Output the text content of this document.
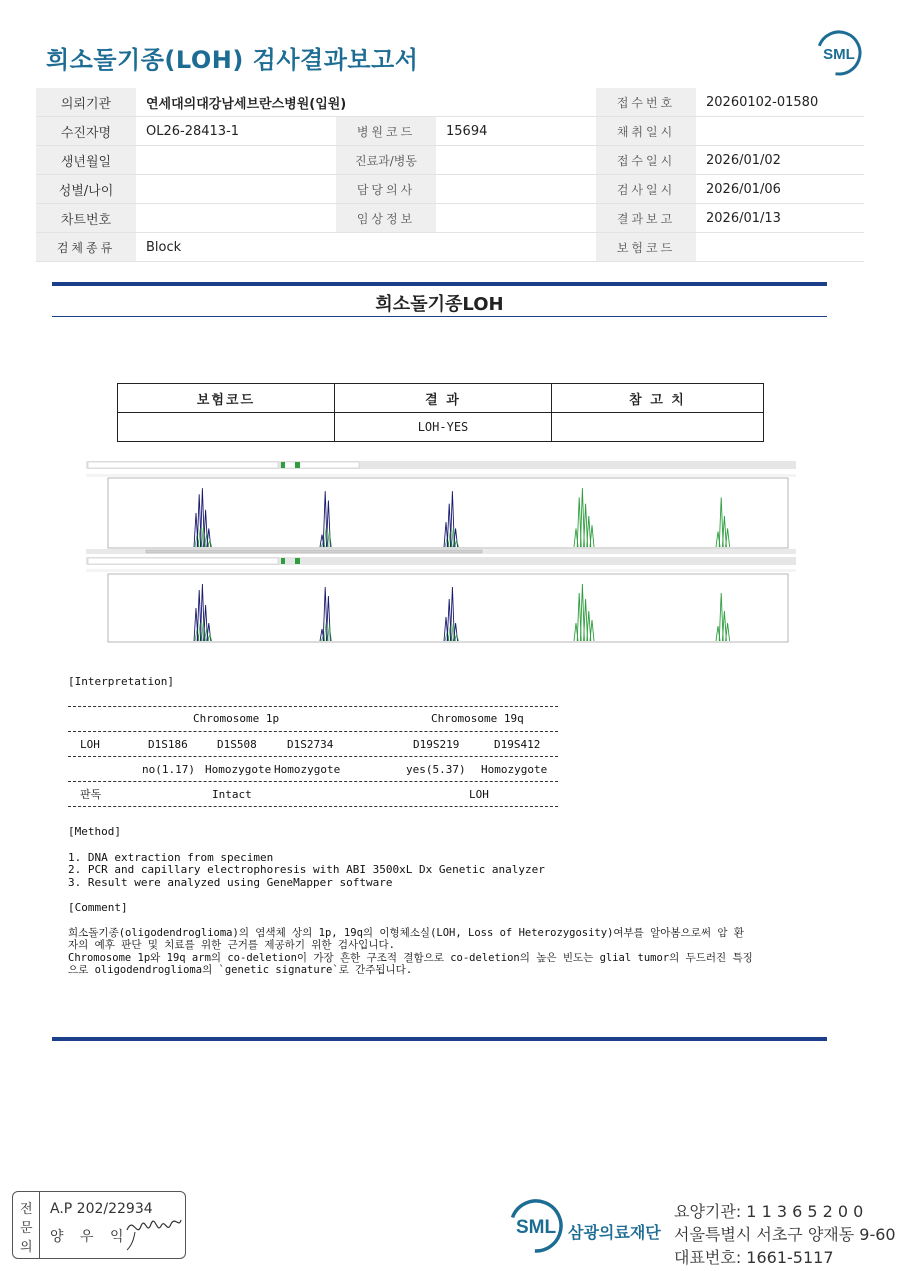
희소돌기종(LOH) 검사결과보고서	SML
의뢰기관	연세대의대강남세브란스병원(입원)			접수번호	20260102-01580
수진자명	OL26-28413-1	병원코드	15694	채취일시	
생년월일		진료과/병동		접수일시	2026/01/02
성별/나이		담당의사		검사일시	2026/01/06
차트번호		임상정보		결과보고	2026/01/13
검체종류	Block			보험코드	
희소돌기종LOH
보험코드	결 과	참 고 치
	LOH-YES	
[Interpretation]
Chromosome 1p	Chromosome 19q
LOH	D1S186	D1S508	D1S2734	D19S219	D19S412
no(1.17) Homozygote Homozygote	yes(5.37) Homozygote
판독	Intact	LOH
[Method]
1. DNA extraction from specimen
2. PCR and capillary electrophoresis with ABI 3500xL Dx Genetic analyzer
3. Result were analyzed using GeneMapper software
[Comment]
희소돌기종(oligodendroglioma)의 염색체 상의 1p, 19q의 이형체소실(LOH, Loss of Heterozygosity)여부를 알아봄으로써 암 환
자의 예후 판단 및 치료를 위한 근거를 제공하기 위한 검사입니다.
Chromosome 1p와 19q arm의 co-deletion이 가장 흔한 구조적 결함으로 co-deletion의 높은 빈도는 glial tumor의 두드러진 특징
으로 oligodendroglioma의 `genetic signature`로 간주됩니다.
전
문
의
A.P 202/22934
양 우 익	SML 삼광의료재단
요양기관: 1 1 3 6 5 2 0 0
서울특별시 서초구 양재동 9-60
대표번호: 1661-5117
